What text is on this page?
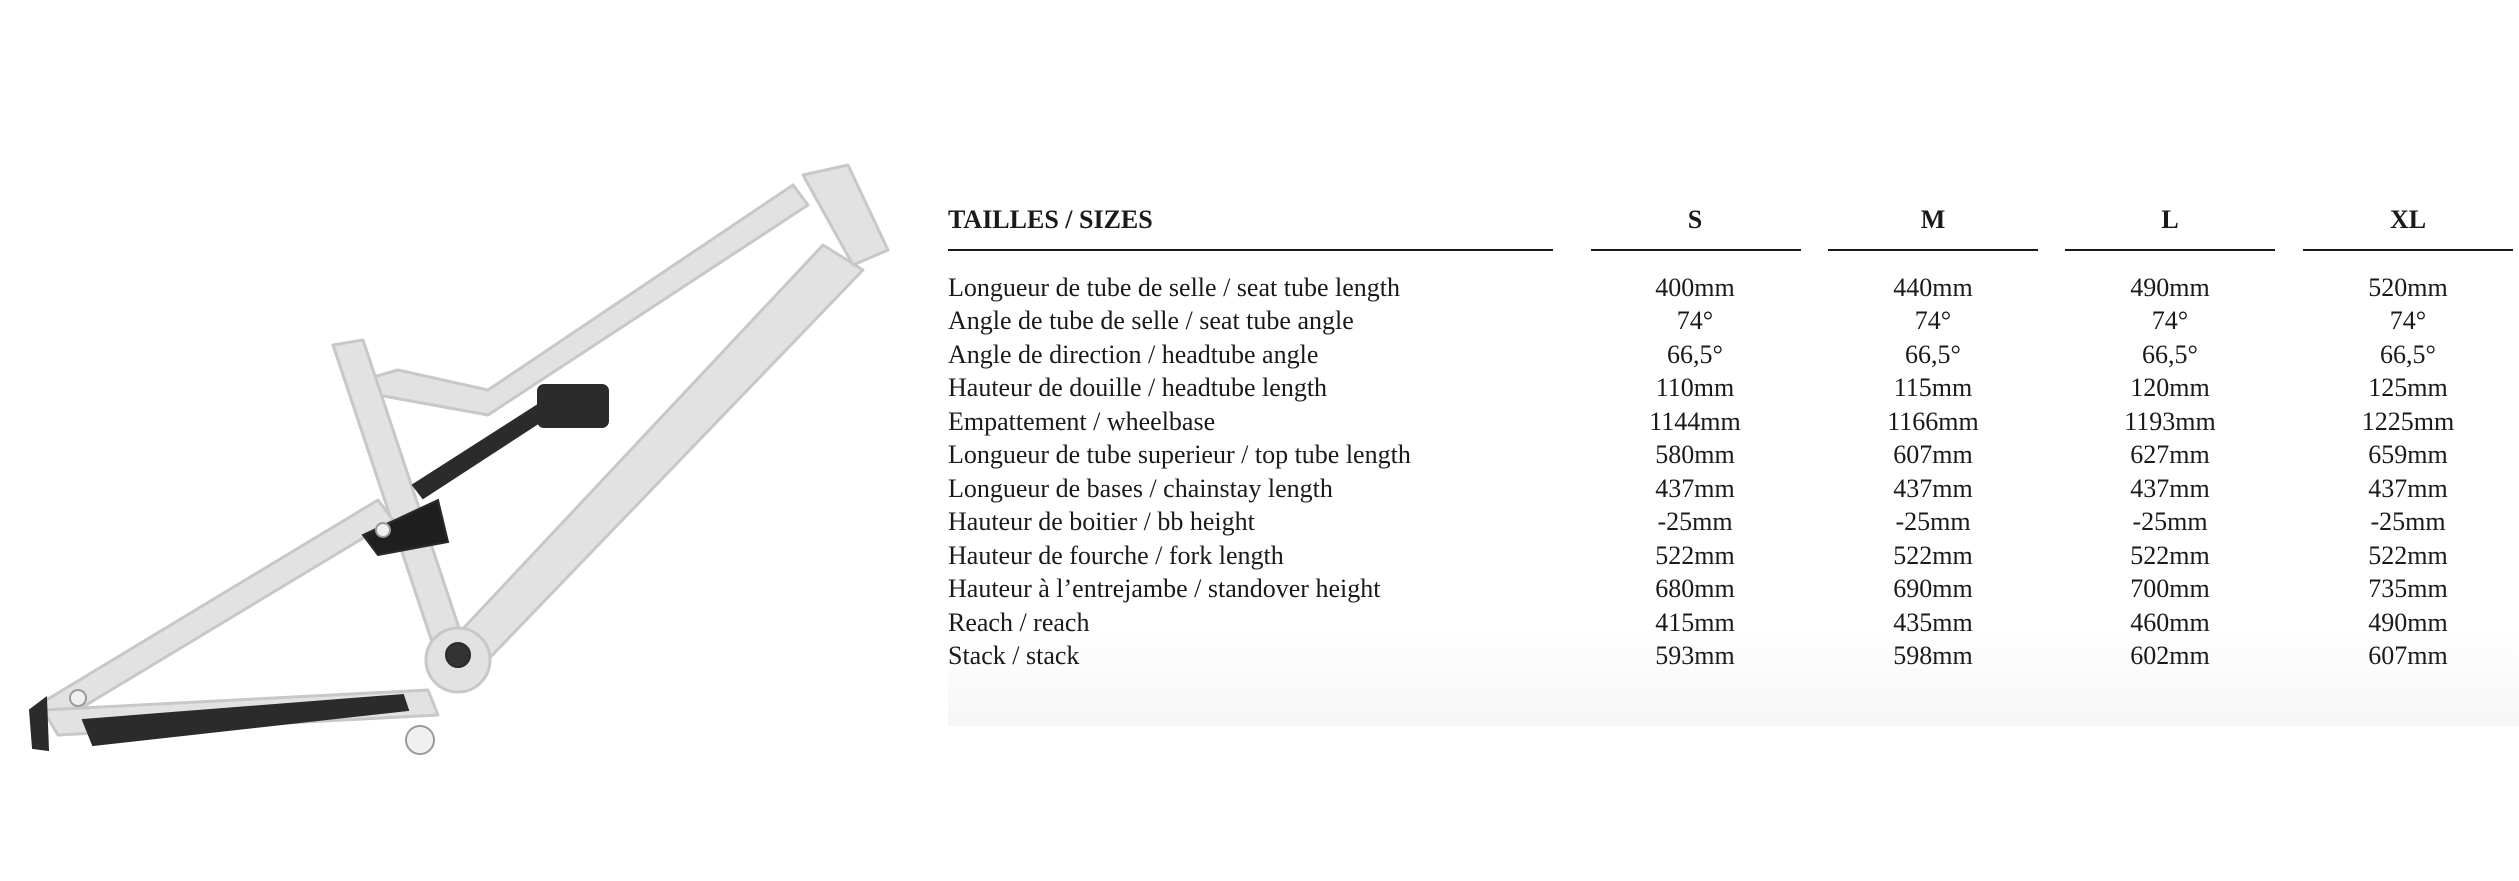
TAILLES / SIZES	S	M	L	XL
Longueur de tube de selle / seat tube length	400mm	440mm	490mm	520mm
Angle de tube de selle / seat tube angle	74°	74°	74°	74°
Angle de direction / headtube angle	66,5°	66,5°	66,5°	66,5°
Hauteur de douille / headtube length	110mm	115mm	120mm	125mm
Empattement / wheelbase	1144mm	1166mm	1193mm	1225mm
Longueur de tube superieur / top tube length	580mm	607mm	627mm	659mm
Longueur de bases / chainstay length	437mm	437mm	437mm	437mm
Hauteur de boitier / bb height	-25mm	-25mm	-25mm	-25mm
Hauteur de fourche / fork length	522mm	522mm	522mm	522mm
Hauteur à l’entrejambe / standover height	680mm	690mm	700mm	735mm
Reach / reach	415mm	435mm	460mm	490mm
Stack / stack	593mm	598mm	602mm	607mm
